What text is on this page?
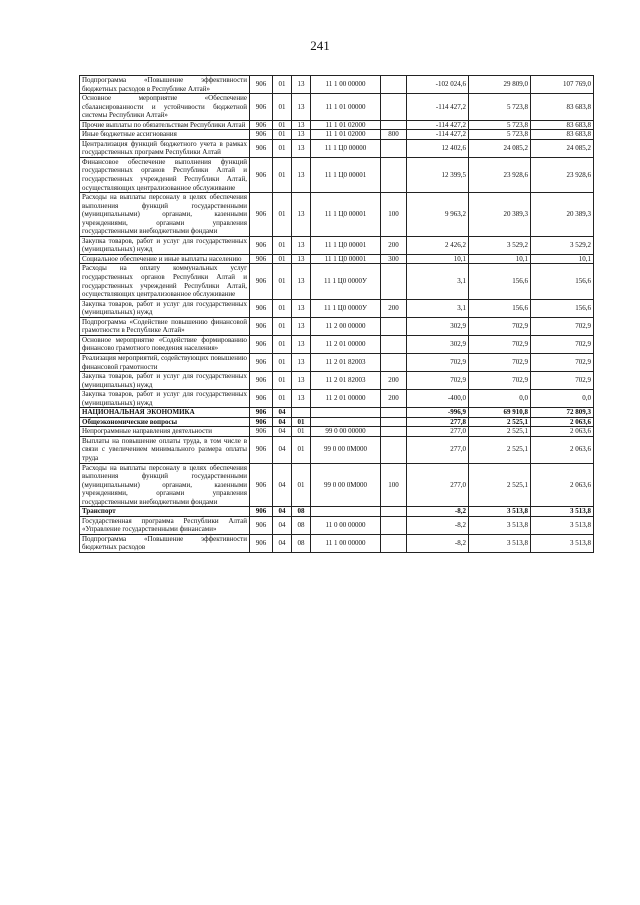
241
Подпрограмма «Повышение эффективности бюджетных расходов в Республике Алтай»	906	01	13	11 1 00 00000		-102 024,6	29 809,0	107 769,0
Основное мероприятие «Обеспечение сбалансированности и устойчивости бюджетной системы Республики Алтай»	906	01	13	11 1 01 00000		-114 427,2	5 723,8	83 683,8
Прочие выплаты по обязательствам Республики Алтай	906	01	13	11 1 01 02000		-114 427,2	5 723,8	83 683,8
Иные бюджетные ассигнования	906	01	13	11 1 01 02000	800	-114 427,2	5 723,8	83 683,8
Централизация функций бюджетного учета в рамках государственных программ Республики Алтай	906	01	13	11 1 Ц0 00000		12 402,6	24 085,2	24 085,2
Финансовое обеспечение выполнения функций государственных органов Республики Алтай и государственных учреждений Республики Алтай, осуществляющих централизованное обслуживание	906	01	13	11 1 Ц0 00001		12 399,5	23 928,6	23 928,6
Расходы на выплаты персоналу в целях обеспечения выполнения функций государственными (муниципальными) органами, казенными учреждениями, органами управления государственными внебюджетными фондами	906	01	13	11 1 Ц0 00001	100	9 963,2	20 389,3	20 389,3
Закупка товаров, работ и услуг для государственных (муниципальных) нужд	906	01	13	11 1 Ц0 00001	200	2 426,2	3 529,2	3 529,2
Социальное обеспечение и иные выплаты населению	906	01	13	11 1 Ц0 00001	300	10,1	10,1	10,1
Расходы на оплату коммунальных услуг государственных органов Республики Алтай и государственных учреждений Республики Алтай, осуществляющих централизованное обслуживание	906	01	13	11 1 Ц0 0000У		3,1	156,6	156,6
Закупка товаров, работ и услуг для государственных (муниципальных) нужд	906	01	13	11 1 Ц0 0000У	200	3,1	156,6	156,6
Подпрограмма «Содействие повышению финансовой грамотности в Республике Алтай»	906	01	13	11 2 00 00000		302,9	702,9	702,9
Основное мероприятие «Содействие формированию финансово грамотного поведения населения»	906	01	13	11 2 01 00000		302,9	702,9	702,9
Реализация мероприятий, содействующих повышению финансовой грамотности	906	01	13	11 2 01 82003		702,9	702,9	702,9
Закупка товаров, работ и услуг для государственных (муниципальных) нужд	906	01	13	11 2 01 82003	200	702,9	702,9	702,9
Закупка товаров, работ и услуг для государственных (муниципальных) нужд	906	01	13	11 2 01 00000	200	-400,0	0,0	0,0
НАЦИОНАЛЬНАЯ ЭКОНОМИКА	906	04				-996,9	69 910,8	72 809,3
Общеэкономические вопросы	906	04	01			277,8	2 525,1	2 063,6
Непрограммные направления деятельности	906	04	01	99 0 00 00000		277,0	2 525,1	2 063,6
Выплаты на повышение оплаты труда, в том числе в связи с увеличением минимального размера оплаты труда	906	04	01	99 0 00 0М000		277,0	2 525,1	2 063,6
Расходы на выплаты персоналу в целях обеспечения выполнения функций государственными (муниципальными) органами, казенными учреждениями, органами управления государственными внебюджетными фондами	906	04	01	99 0 00 0М000	100	277,0	2 525,1	2 063,6
Транспорт	906	04	08			-8,2	3 513,8	3 513,8
Государственная программа Республики Алтай «Управление государственными финансами»	906	04	08	11 0 00 00000		-8,2	3 513,8	3 513,8
Подпрограмма «Повышение эффективности бюджетных расходов	906	04	08	11 1 00 00000		-8,2	3 513,8	3 513,8
